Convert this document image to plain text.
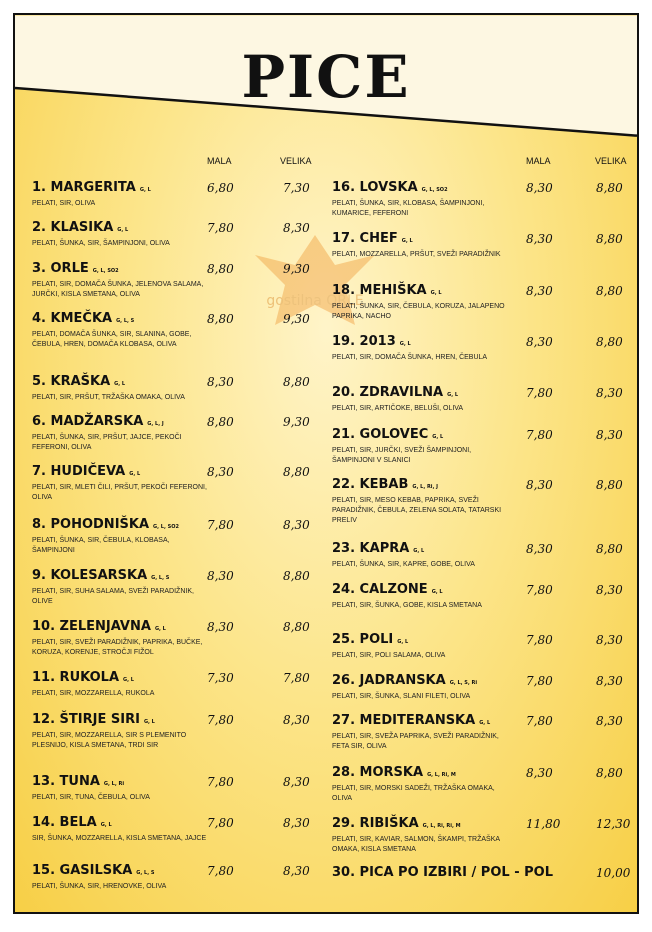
PICE
gostilna ORLE
MALA	VELIKA	MALA	VELIKA
1. MARGERITA G, L
PELATI, SIR, OLIVA
6,80	7,30
2. KLASIKA G, L
PELATI, ŠUNKA, SIR, ŠAMPINJONI, OLIVA
7,80	8,30
3. ORLE G, L, SO2
PELATI, SIR, DOMAČA ŠUNKA, JELENOVA SALAMA, JURČKI, KISLA SMETANA, OLIVA
8,80	9,30
4. KMEČKA G, L, S
PELATI, DOMAČA ŠUNKA, SIR, SLANINA, GOBE, ČEBULA, HREN, DOMAČA KLOBASA, OLIVA
8,80	9,30
5. KRAŠKA G, L
PELATI, SIR, PRŠUT, TRŽAŠKA OMAKA, OLIVA
8,30	8,80
6. MADŽARSKA G, L, J
PELATI, ŠUNKA, SIR, PRŠUT, JAJCE, PEKOČI FEFERONI, OLIVA
8,80	9,30
7. HUDIČEVA G, L
PELATI, SIR, MLETI ČILI, PRŠUT, PEKOČI FEFERONI, OLIVA
8,30	8,80
8. POHODNIŠKA G, L, SO2
PELATI, ŠUNKA, SIR, ČEBULA, KLOBASA, ŠAMPINJONI
7,80	8,30
9. KOLESARSKA G, L, S
PELATI, SIR, SUHA SALAMA, SVEŽI PARADIŽNIK, OLIVE
8,30	8,80
10. ZELENJAVNA G, L
PELATI, SIR, SVEŽI PARADIŽNIK, PAPRIKA, BUČKE, KORUZA, KORENJE, STROČJI FIŽOL
8,30	8,80
11. RUKOLA G, L
PELATI, SIR, MOZZARELLA, RUKOLA
7,30	7,80
12. ŠTIRJE SIRI G, L
PELATI, SIR, MOZZARELLA, SIR S PLEMENITO PLESNIJO, KISLA SMETANA, TRDI SIR
7,80	8,30
13. TUNA G, L, Ri
PELATI, SIR, TUNA, ČEBULA, OLIVA
7,80	8,30
14. BELA G, L
SIR, ŠUNKA, MOZZARELLA, KISLA SMETANA, JAJCE
7,80	8,30
15. GASILSKA G, L, S
PELATI, ŠUNKA, SIR, HRENOVKE, OLIVA
7,80	8,30
16. LOVSKA G, L, SO2
PELATI, ŠUNKA, SIR, KLOBASA, ŠAMPINJONI, KUMARICE, FEFERONI
8,30	8,80
17. CHEF G, L
PELATI, MOZZARELLA, PRŠUT, SVEŽI PARADIŽNIK
8,30	8,80
18. MEHIŠKA G, L
PELATI, ŠUNKA, SIR, ČEBULA, KORUZA, JALAPENO PAPRIKA, NACHO
8,30	8,80
19. 2013 G, L
PELATI, SIR, DOMAČA ŠUNKA, HREN, ČEBULA
8,30	8,80
20. ZDRAVILNA G, L
PELATI, SIR, ARTIČOKE, BELUŠI, OLIVA
7,80	8,30
21. GOLOVEC G, L
PELATI, SIR, JURČKI, SVEŽI ŠAMPINJONI, ŠAMPINJONI V SLANICI
7,80	8,30
22. KEBAB G, L, Ri, J
PELATI, SIR, MESO KEBAB, PAPRIKA, SVEŽI PARADIŽNIK, ČEBULA, ZELENA SOLATA, TATARSKI PRELIV
8,30	8,80
23. KAPRA G, L
PELATI, ŠUNKA, SIR, KAPRE, GOBE, OLIVA
8,30	8,80
24. CALZONE G, L
PELATI, SIR, ŠUNKA, GOBE, KISLA SMETANA
7,80	8,30
25. POLI G, L
PELATI, SIR, POLI SALAMA, OLIVA
7,80	8,30
26. JADRANSKA G, L, S, Ri
PELATI, SIR, ŠUNKA, SLANI FILETI, OLIVA
7,80	8,30
27. MEDITERANSKA G, L
PELATI, SIR, SVEŽA PAPRIKA, SVEŽI PARADIŽNIK, FETA SIR, OLIVA
7,80	8,30
28. MORSKA G, L, Ri, M
PELATI, SIR, MORSKI SADEŽI, TRŽAŠKA OMAKA, OLIVA
8,30	8,80
29. RIBIŠKA G, L, Ri, Ri, M
PELATI, SIR, KAVIAR, SALMON, ŠKAMPI, TRŽAŠKA OMAKA, KISLA SMETANA
11,80	12,30
30. PICA PO IZBIRI / POL - POL	10,00
